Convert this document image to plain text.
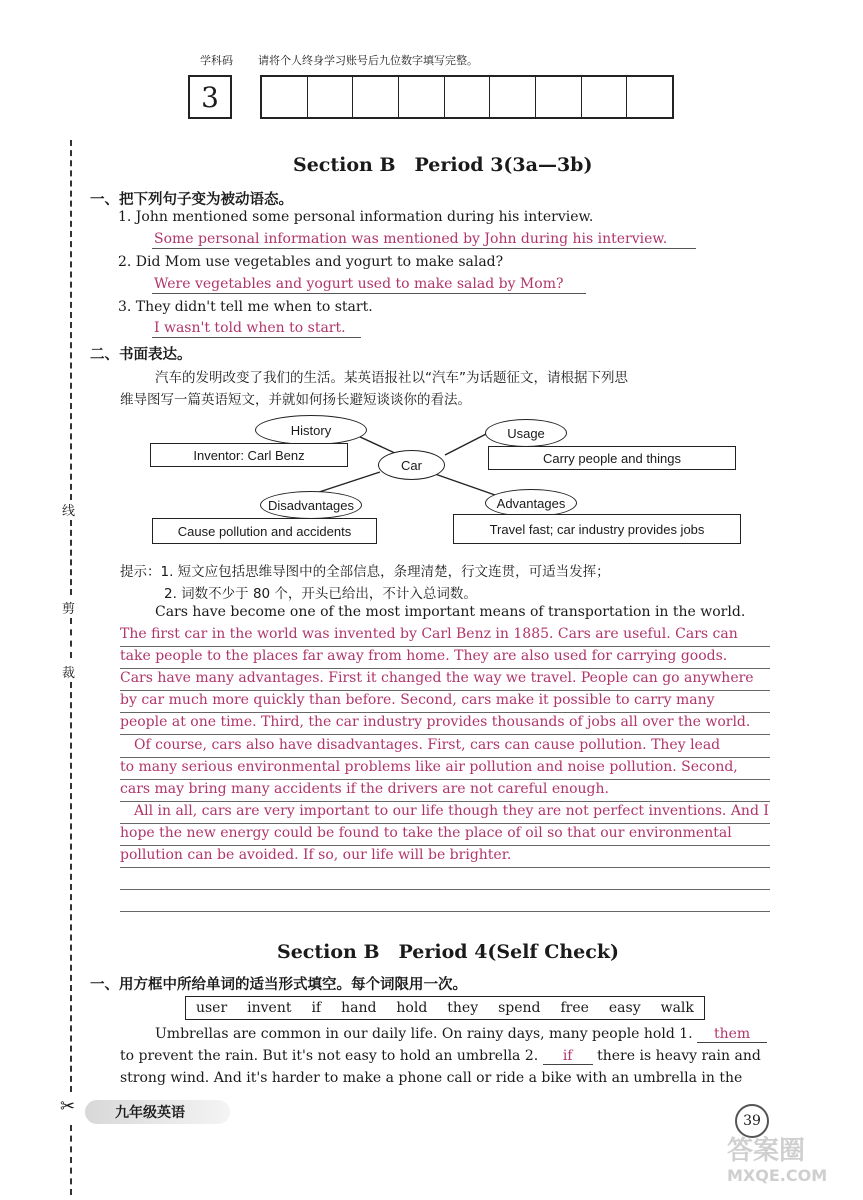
学科码 请将个人终身学习账号后九位数字填写完整。
3
线
剪
裁
✂
Section B　Period 3(3a—3b)
一、把下列句子变为被动语态。
1. John mentioned some personal information during his interview.
Some personal information was mentioned by John during his interview.
2. Did Mom use vegetables and yogurt to make salad?
Were vegetables and yogurt used to make salad by Mom?
3. They didn't tell me when to start.
I wasn't told when to start.
二、书面表达。
汽车的发明改变了我们的生活。某英语报社以“汽车”为话题征文，请根据下列思
维导图写一篇英语短文，并就如何扬长避短谈谈你的看法。
History
Inventor: Carl Benz
Usage
Carry people and things
Car
Disadvantages
Cause pollution and accidents
Advantages
Travel fast; car industry provides jobs
提示：1. 短文应包括思维导图中的全部信息，条理清楚，行文连贯，可适当发挥；
2. 词数不少于 80 个，开头已给出，不计入总词数。
Cars have become one of the most important means of transportation in the world.
The first car in the world was invented by Carl Benz in 1885. Cars are useful. Cars can
take people to the places far away from home. They are also used for carrying goods.
Cars have many advantages. First it changed the way we travel. People can go anywhere
by car much more quickly than before. Second, cars make it possible to carry many
people at one time. Third, the car industry provides thousands of jobs all over the world.
　Of course, cars also have disadvantages. First, cars can cause pollution. They lead
to many serious environmental problems like air pollution and noise pollution. Second,
cars may bring many accidents if the drivers are not careful enough.
　All in all, cars are very important to our life though they are not perfect inventions. And I
hope the new energy could be found to take the place of oil so that our environmental
pollution can be avoided. If so, our life will be brighter.
Section B　Period 4(Self Check)
一、用方框中所给单词的适当形式填空。每个词限用一次。
user invent if hand hold they spend free easy walk
Umbrellas are common in our daily life. On rainy days, many people hold 1. them
to prevent the rain. But it's not easy to hold an umbrella 2. if there is heavy rain and
strong wind. And it's harder to make a phone call or ride a bike with an umbrella in the
九年级英语	39
答案圈
MXQE.COM
